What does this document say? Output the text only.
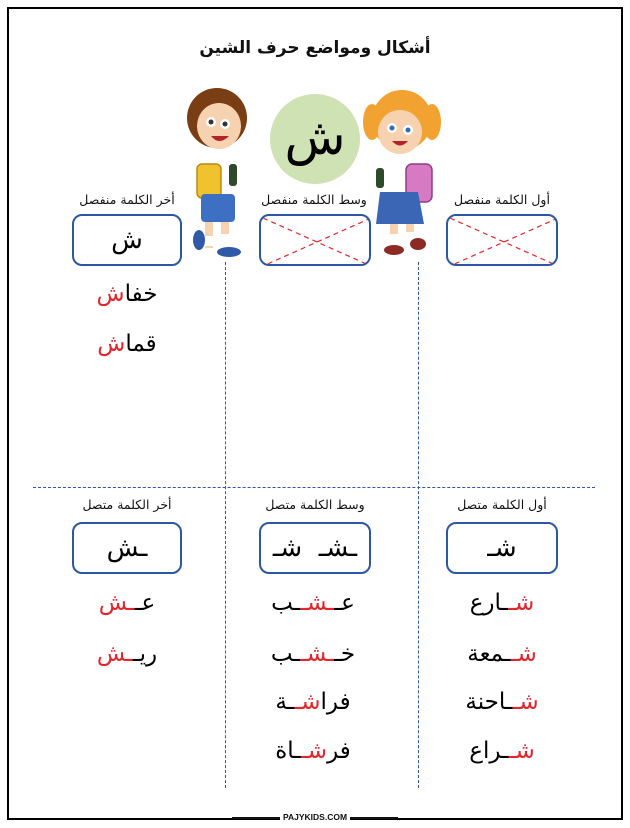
أشكال ومواضع حرف الشين
ش
أخر الكلمة منفصل
ش
وسط الكلمة منفصل	أول الكلمة منفصل
خفاش
قماش
أخر الكلمة متصل
ـش
وسط الكلمة متصل
ـشـ  شـ
أول الكلمة متصل
شـ
عــش
ريــش
عــشــب
خــشــب
فراشــة
فرشــاة
شــارع
شــمعة
شــاحنة
شــراع
PAJYKIDS.COM
